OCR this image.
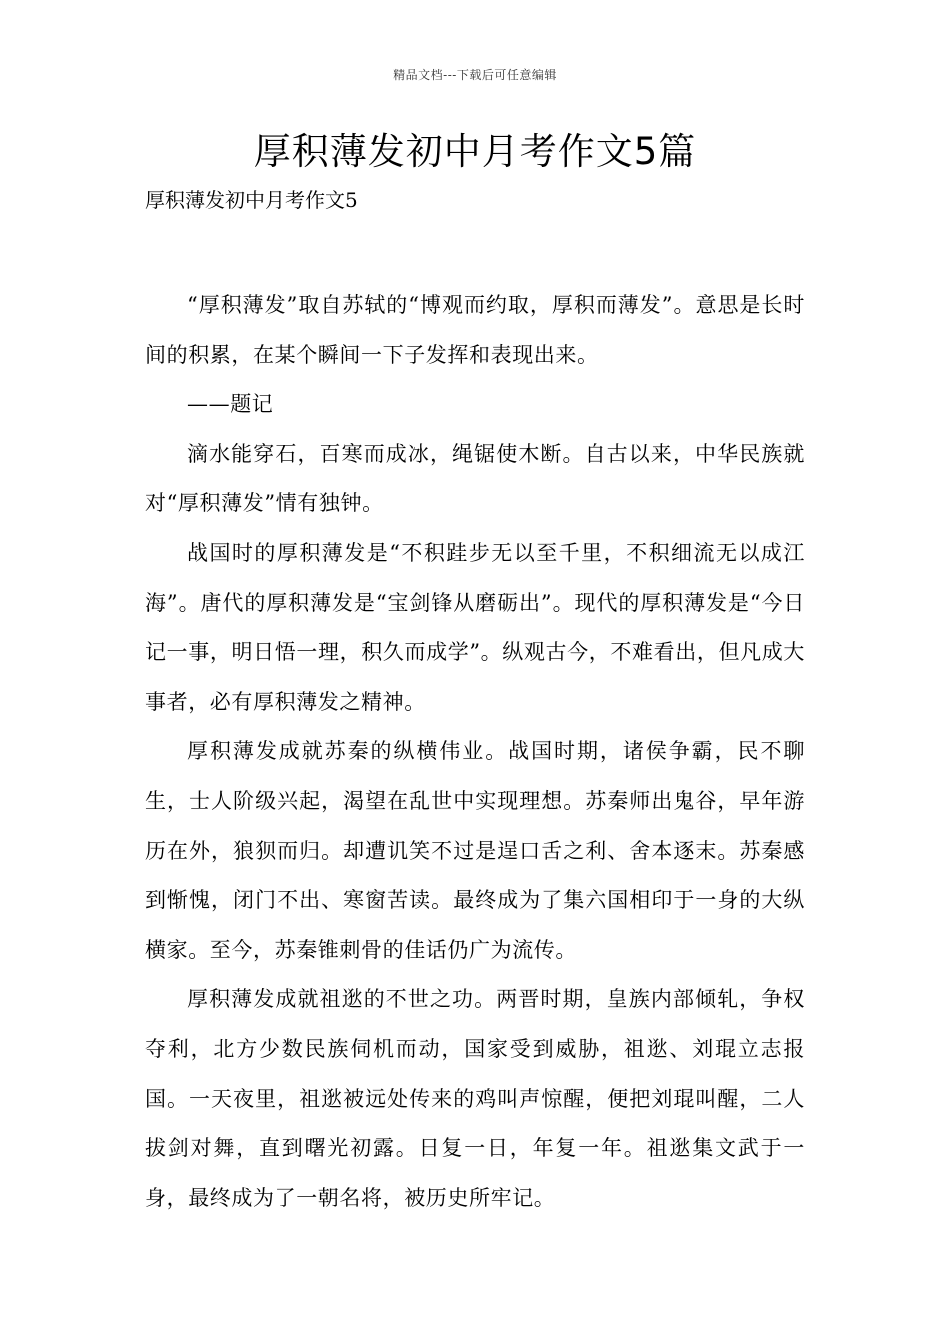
精品文档---下载后可任意编辑
厚积薄发初中月考作文5篇

厚积薄发初中月考作文5

“厚积薄发”取自苏轼的“博观而约取，厚积而薄发”。意思是长时间的积累，在某个瞬间一下子发挥和表现出来。

——题记

滴水能穿石，百寒而成冰，绳锯使木断。自古以来，中华民族就对“厚积薄发”情有独钟。

战国时的厚积薄发是“不积跬步无以至千里，不积细流无以成江海”。唐代的厚积薄发是“宝剑锋从磨砺出”。现代的厚积薄发是“今日记一事，明日悟一理，积久而成学”。纵观古今，不难看出，但凡成大事者，必有厚积薄发之精神。

厚积薄发成就苏秦的纵横伟业。战国时期，诸侯争霸，民不聊生，士人阶级兴起，渴望在乱世中实现理想。苏秦师出鬼谷，早年游历在外，狼狈而归。却遭讥笑不过是逞口舌之利、舍本逐末。苏秦感到惭愧，闭门不出、寒窗苦读。最终成为了集六国相印于一身的大纵横家。至今，苏秦锥刺骨的佳话仍广为流传。

厚积薄发成就祖逖的不世之功。两晋时期，皇族内部倾轧，争权夺利，北方少数民族伺机而动，国家受到威胁，祖逖、刘琨立志报国。一天夜里，祖逖被远处传来的鸡叫声惊醒，便把刘琨叫醒，二人拔剑对舞，直到曙光初露。日复一日，年复一年。祖逖集文武于一身，最终成为了一朝名将，被历史所牢记。
